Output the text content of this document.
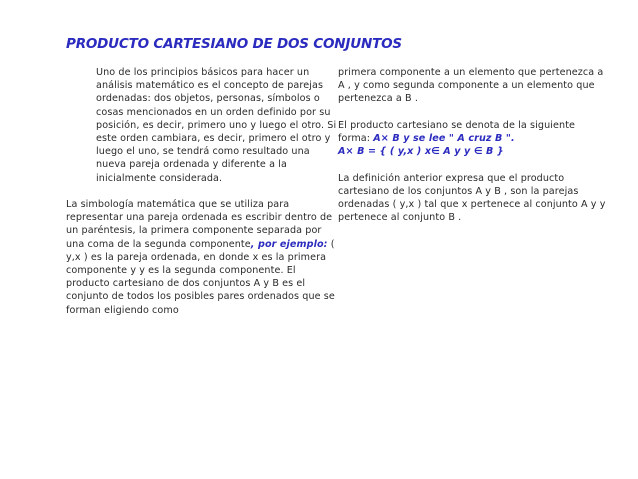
PRODUCTO CARTESIANO DE DOS CONJUNTOS

Uno de los principios básicos para hacer un análisis matemático es el concepto de parejas ordenadas: dos objetos, personas, símbolos o cosas mencionados en un orden definido por su posición, es decir, primero uno y luego el otro. Si este orden cambiara, es decir, primero el otro y luego el uno, se tendrá como resultado una nueva pareja ordenada y diferente a la inicialmente considerada.

La simbología matemática que se utiliza para representar una pareja ordenada es escribir dentro de un paréntesis, la primera componente separada por una coma de la segunda componente, por ejemplo: ( y,x ) es la pareja ordenada, en donde x es la primera componente y y es la segunda componente. El producto cartesiano de dos conjuntos A y B es el conjunto de todos los posibles pares ordenados que se forman eligiendo como

primera componente a un elemento que pertenezca a A , y como segunda componente a un elemento que pertenezca a B .

El producto cartesiano se denota de la siguiente forma: A× B y se lee " A cruz B ".
A× B = { ( y,x ) x∈ A y y ∈ B }

La definición anterior expresa que el producto cartesiano de los conjuntos A y B , son la parejas ordenadas ( y,x ) tal que x pertenece al conjunto A y y pertenece al conjunto B .
